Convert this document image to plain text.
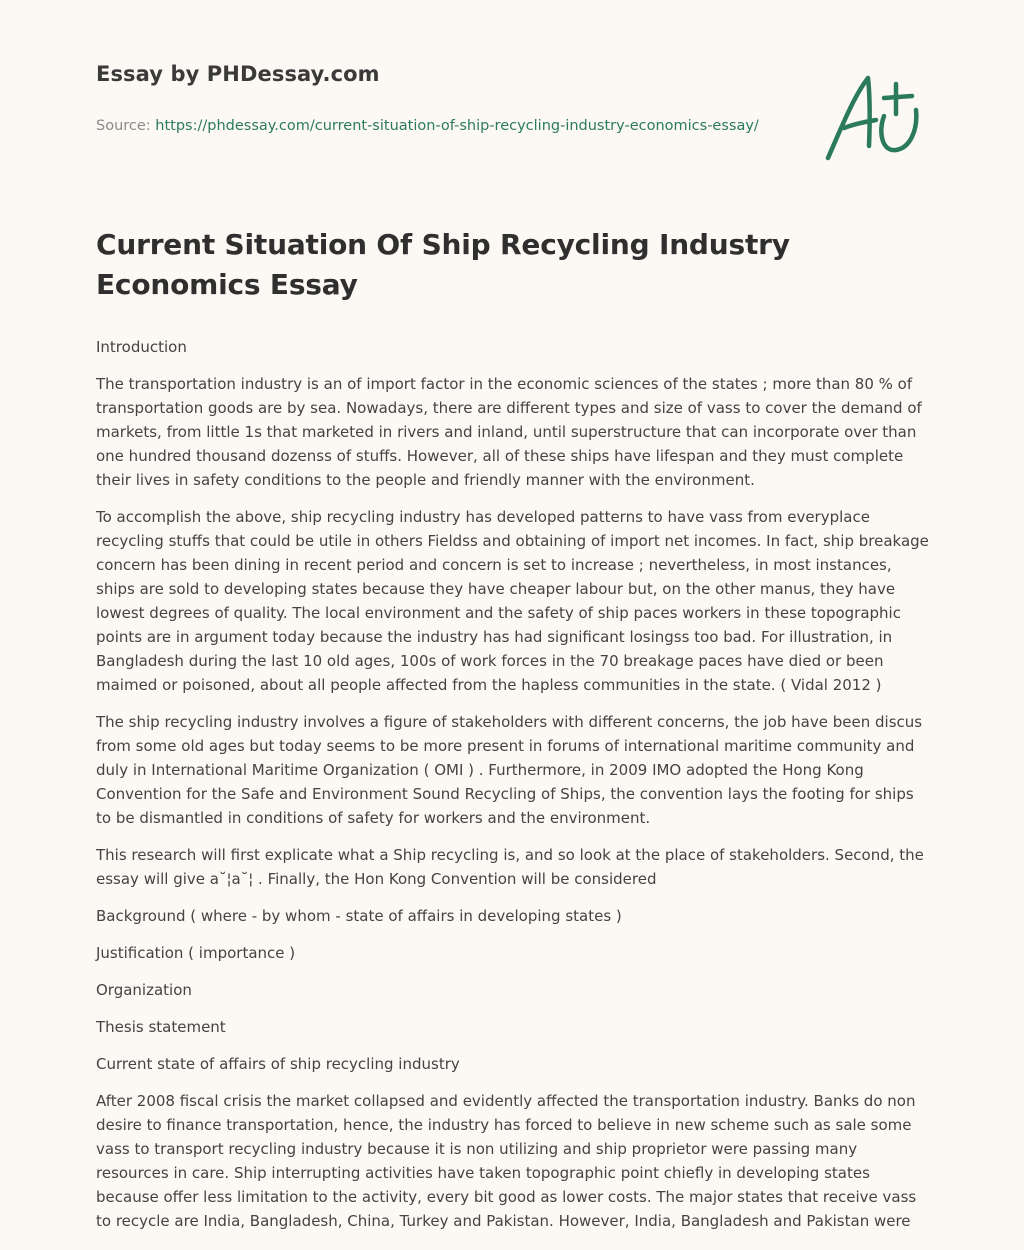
Essay by PHDessay.com
Source: https://phdessay.com/current-situation-of-ship-recycling-industry-economics-essay/
Current Situation Of Ship Recycling Industry Economics Essay

Introduction

The transportation industry is an of import factor in the economic sciences of the states ; more than 80 % of transportation goods are by sea. Nowadays, there are different types and size of vass to cover the demand of markets, from little 1s that marketed in rivers and inland, until superstructure that can incorporate over than one hundred thousand dozenss of stuffs. However, all of these ships have lifespan and they must complete their lives in safety conditions to the people and friendly manner with the environment.

To accomplish the above, ship recycling industry has developed patterns to have vass from everyplace recycling stuffs that could be utile in others Fieldss and obtaining of import net incomes. In fact, ship breakage concern has been dining in recent period and concern is set to increase ; nevertheless, in most instances, ships are sold to developing states because they have cheaper labour but, on the other manus, they have lowest degrees of quality. The local environment and the safety of ship paces workers in these topographic points are in argument today because the industry has had significant losingss too bad. For illustration, in Bangladesh during the last 10 old ages, 100s of work forces in the 70 breakage paces have died or been maimed or poisoned, about all people affected from the hapless communities in the state. ( Vidal 2012 )

The ship recycling industry involves a figure of stakeholders with different concerns, the job have been discus from some old ages but today seems to be more present in forums of international maritime community and duly in International Maritime Organization ( OMI ) . Furthermore, in 2009 IMO adopted the Hong Kong Convention for the Safe and Environment Sound Recycling of Ships, the convention lays the footing for ships to be dismantled in conditions of safety for workers and the environment.

This research will first explicate what a Ship recycling is, and so look at the place of stakeholders. Second, the essay will give a˘¦a˘¦ . Finally, the Hon Kong Convention will be considered

Background ( where - by whom - state of affairs in developing states )

Justification ( importance )

Organization

Thesis statement

Current state of affairs of ship recycling industry

After 2008 fiscal crisis the market collapsed and evidently affected the transportation industry. Banks do non desire to finance transportation, hence, the industry has forced to believe in new scheme such as sale some vass to transport recycling industry because it is non utilizing and ship proprietor were passing many resources in care. Ship interrupting activities have taken topographic point chiefly in developing states because offer less limitation to the activity, every bit good as lower costs. The major states that receive vass to recycle are India, Bangladesh, China, Turkey and Pakistan. However, India, Bangladesh and Pakistan were
